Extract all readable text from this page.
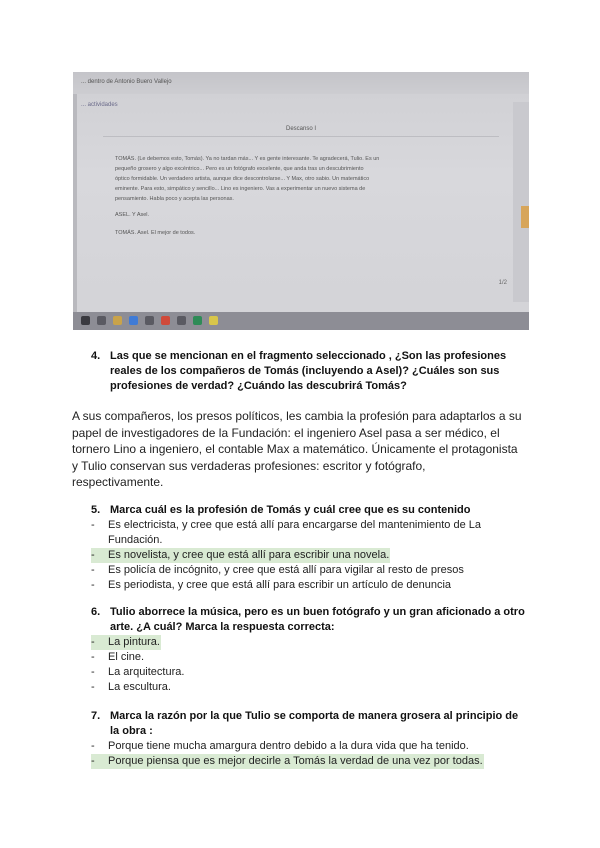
... dentro de Antonio Buero Vallejo
... actividades
Descanso I
TOMÁS. (Le debemos esto, Tomás). Ya no tardan más... Y es gente interesante. Te agradecerá, Tulio. Es un
pequeño grosero y algo excéntrico... Pero es un fotógrafo excelente, que anda tras un descubrimiento
óptico formidable. Un verdadero artista, aunque dice descontrolarse... Y Max, otro sabio. Un matemático
eminente. Para esto, simpático y sencillo... Lino es ingeniero. Vas a experimentar un nuevo sistema de
pensamiento. Habla poco y acepta las personas.
ASEL. Y Asel.
TOMÁS. Asel. El mejor de todos.
1/2
4. Las que se mencionan en el fragmento seleccionado , ¿Son las profesiones
reales de los compañeros de Tomás (incluyendo a Asel)? ¿Cuáles son sus
profesiones de verdad? ¿Cuándo las descubrirá Tomás?
A sus compañeros, los presos políticos, les cambia la profesión para adaptarlos a su
papel de investigadores de la Fundación: el ingeniero Asel pasa a ser médico, el
tornero Lino a ingeniero, el contable Max a matemático. Únicamente el protagonista
y Tulio conservan sus verdaderas profesiones: escritor y fotógrafo,
respectivamente.
5. Marca cuál es la profesión de Tomás y cuál cree que es su contenido
- Es electricista, y cree que está allí para encargarse del mantenimiento de La
Fundación.
-	Es novelista, y cree que está allí para escribir una novela.
- Es policía de incógnito, y cree que está allí para vigilar al resto de presos
- Es periodista, y cree que está allí para escribir un artículo de denuncia
6. Tulio aborrece la música, pero es un buen fotógrafo y un gran aficionado a otro
arte. ¿A cuál? Marca la respuesta correcta:
-	La pintura.
- El cine.
- La arquitectura.
- La escultura.
7. Marca la razón por la que Tulio se comporta de manera grosera al principio de
la obra :
- Porque tiene mucha amargura dentro debido a la dura vida que ha tenido.
-	Porque piensa que es mejor decirle a Tomás la verdad de una vez por todas.
